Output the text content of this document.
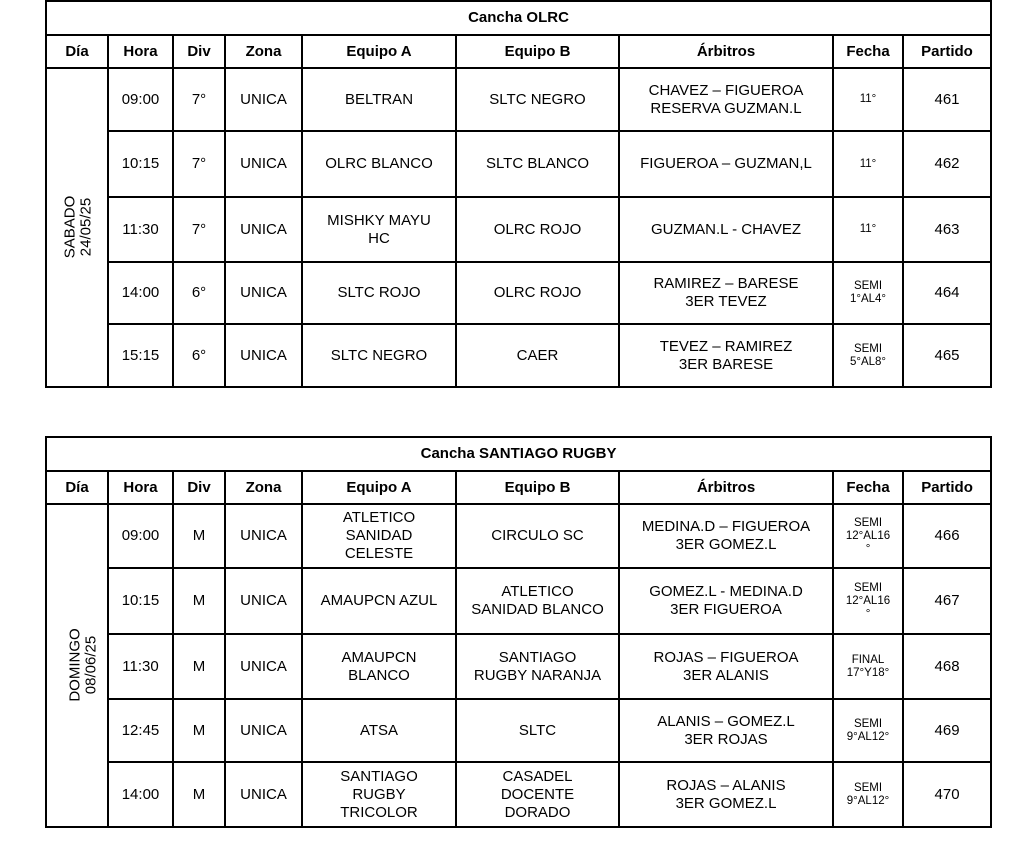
Cancha OLRC								
Día	Hora	Div	Zona	Equipo A	Equipo B	Árbitros	Fecha	Partido

SABADO 24/05/25	09:00	7°	UNICA	BELTRAN	SLTC NEGRO	CHAVEZ – FIGUEROA
RESERVA GUZMAN.L	11°	461
	10:15	7°	UNICA	OLRC BLANCO	SLTC BLANCO	FIGUEROA – GUZMAN,L	11°	462
	11:30	7°	UNICA	MISHKY MAYU
HC	OLRC ROJO	GUZMAN.L - CHAVEZ	11°	463
	14:00	6°	UNICA	SLTC ROJO	OLRC ROJO	RAMIREZ – BARESE
3ER TEVEZ	SEMI
1°AL4°	464
	15:15	6°	UNICA	SLTC NEGRO	CAER	TEVEZ – RAMIREZ
3ER BARESE	SEMI
5°AL8°	465
Cancha SANTIAGO RUGBY								
Día	Hora	Div	Zona	Equipo A	Equipo B	Árbitros	Fecha	Partido

DOMINGO 08/06/25	09:00	M	UNICA	ATLETICO
SANIDAD
CELESTE	CIRCULO SC	MEDINA.D – FIGUEROA
3ER GOMEZ.L	SEMI
12°AL16
°	466
	10:15	M	UNICA	AMAUPCN AZUL	ATLETICO
SANIDAD BLANCO	GOMEZ.L - MEDINA.D
3ER FIGUEROA	SEMI
12°AL16
°	467
	11:30	M	UNICA	AMAUPCN
BLANCO	SANTIAGO
RUGBY NARANJA	ROJAS – FIGUEROA
3ER ALANIS	FINAL
17°Y18°	468
	12:45	M	UNICA	ATSA	SLTC	ALANIS – GOMEZ.L
3ER ROJAS	SEMI
9°AL12°	469
	14:00	M	UNICA	SANTIAGO
RUGBY
TRICOLOR	CASADEL
DOCENTE
DORADO	ROJAS – ALANIS
3ER GOMEZ.L	SEMI
9°AL12°	470
